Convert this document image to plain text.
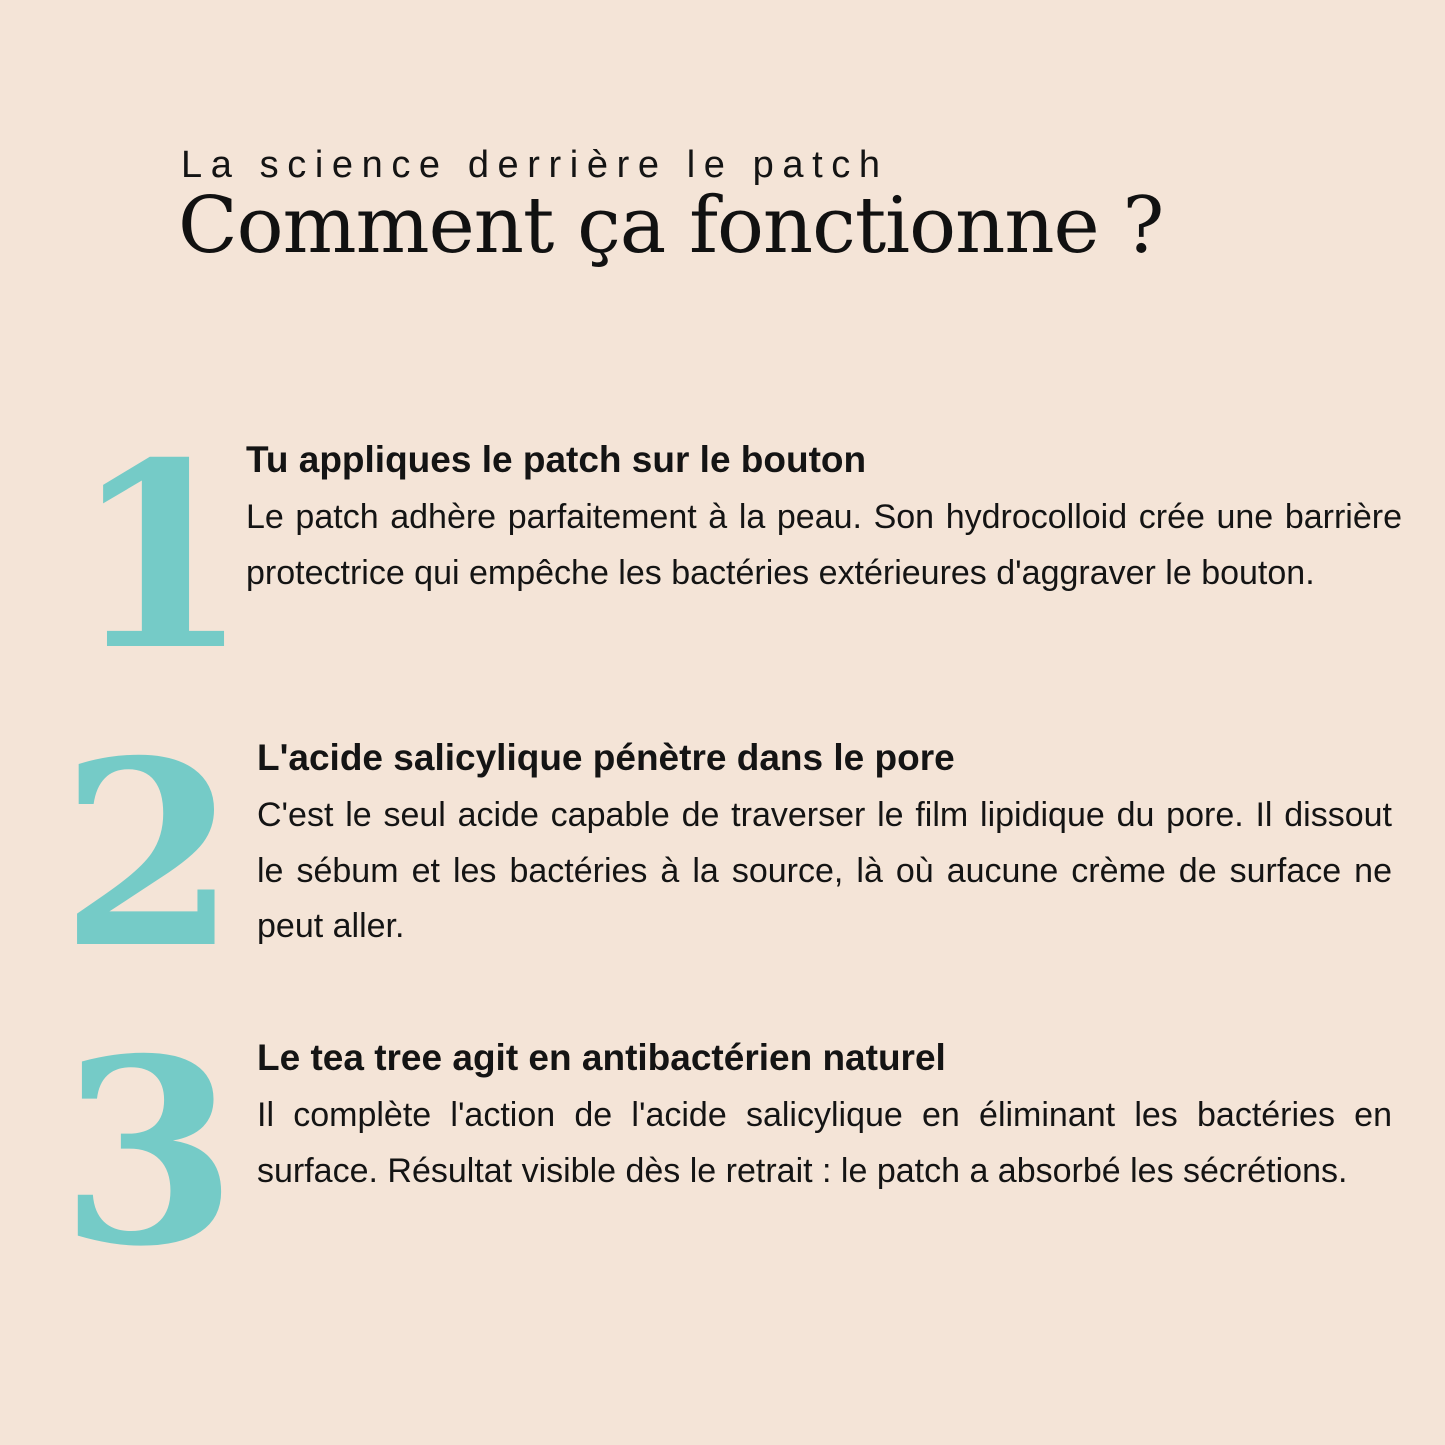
La science derrière le patch
Comment ça fonctionne ?
1

Tu appliques le patch sur le bouton

Le patch adhère parfaitement à la peau. Son hydrocolloid crée une barrière protectrice qui empêche les bactéries extérieures d'aggraver le bouton.

2 L'acide salicylique pénètre dans le pore

C'est le seul acide capable de traverser le film lipidique du pore. Il dissout le sébum et les bactéries à la source, là où aucune crème de surface ne peut aller.

3 Le tea tree agit en antibactérien naturel

Il complète l'action de l'acide salicylique en éliminant les bactéries en surface. Résultat visible dès le retrait : le patch a absorbé les sécrétions.
